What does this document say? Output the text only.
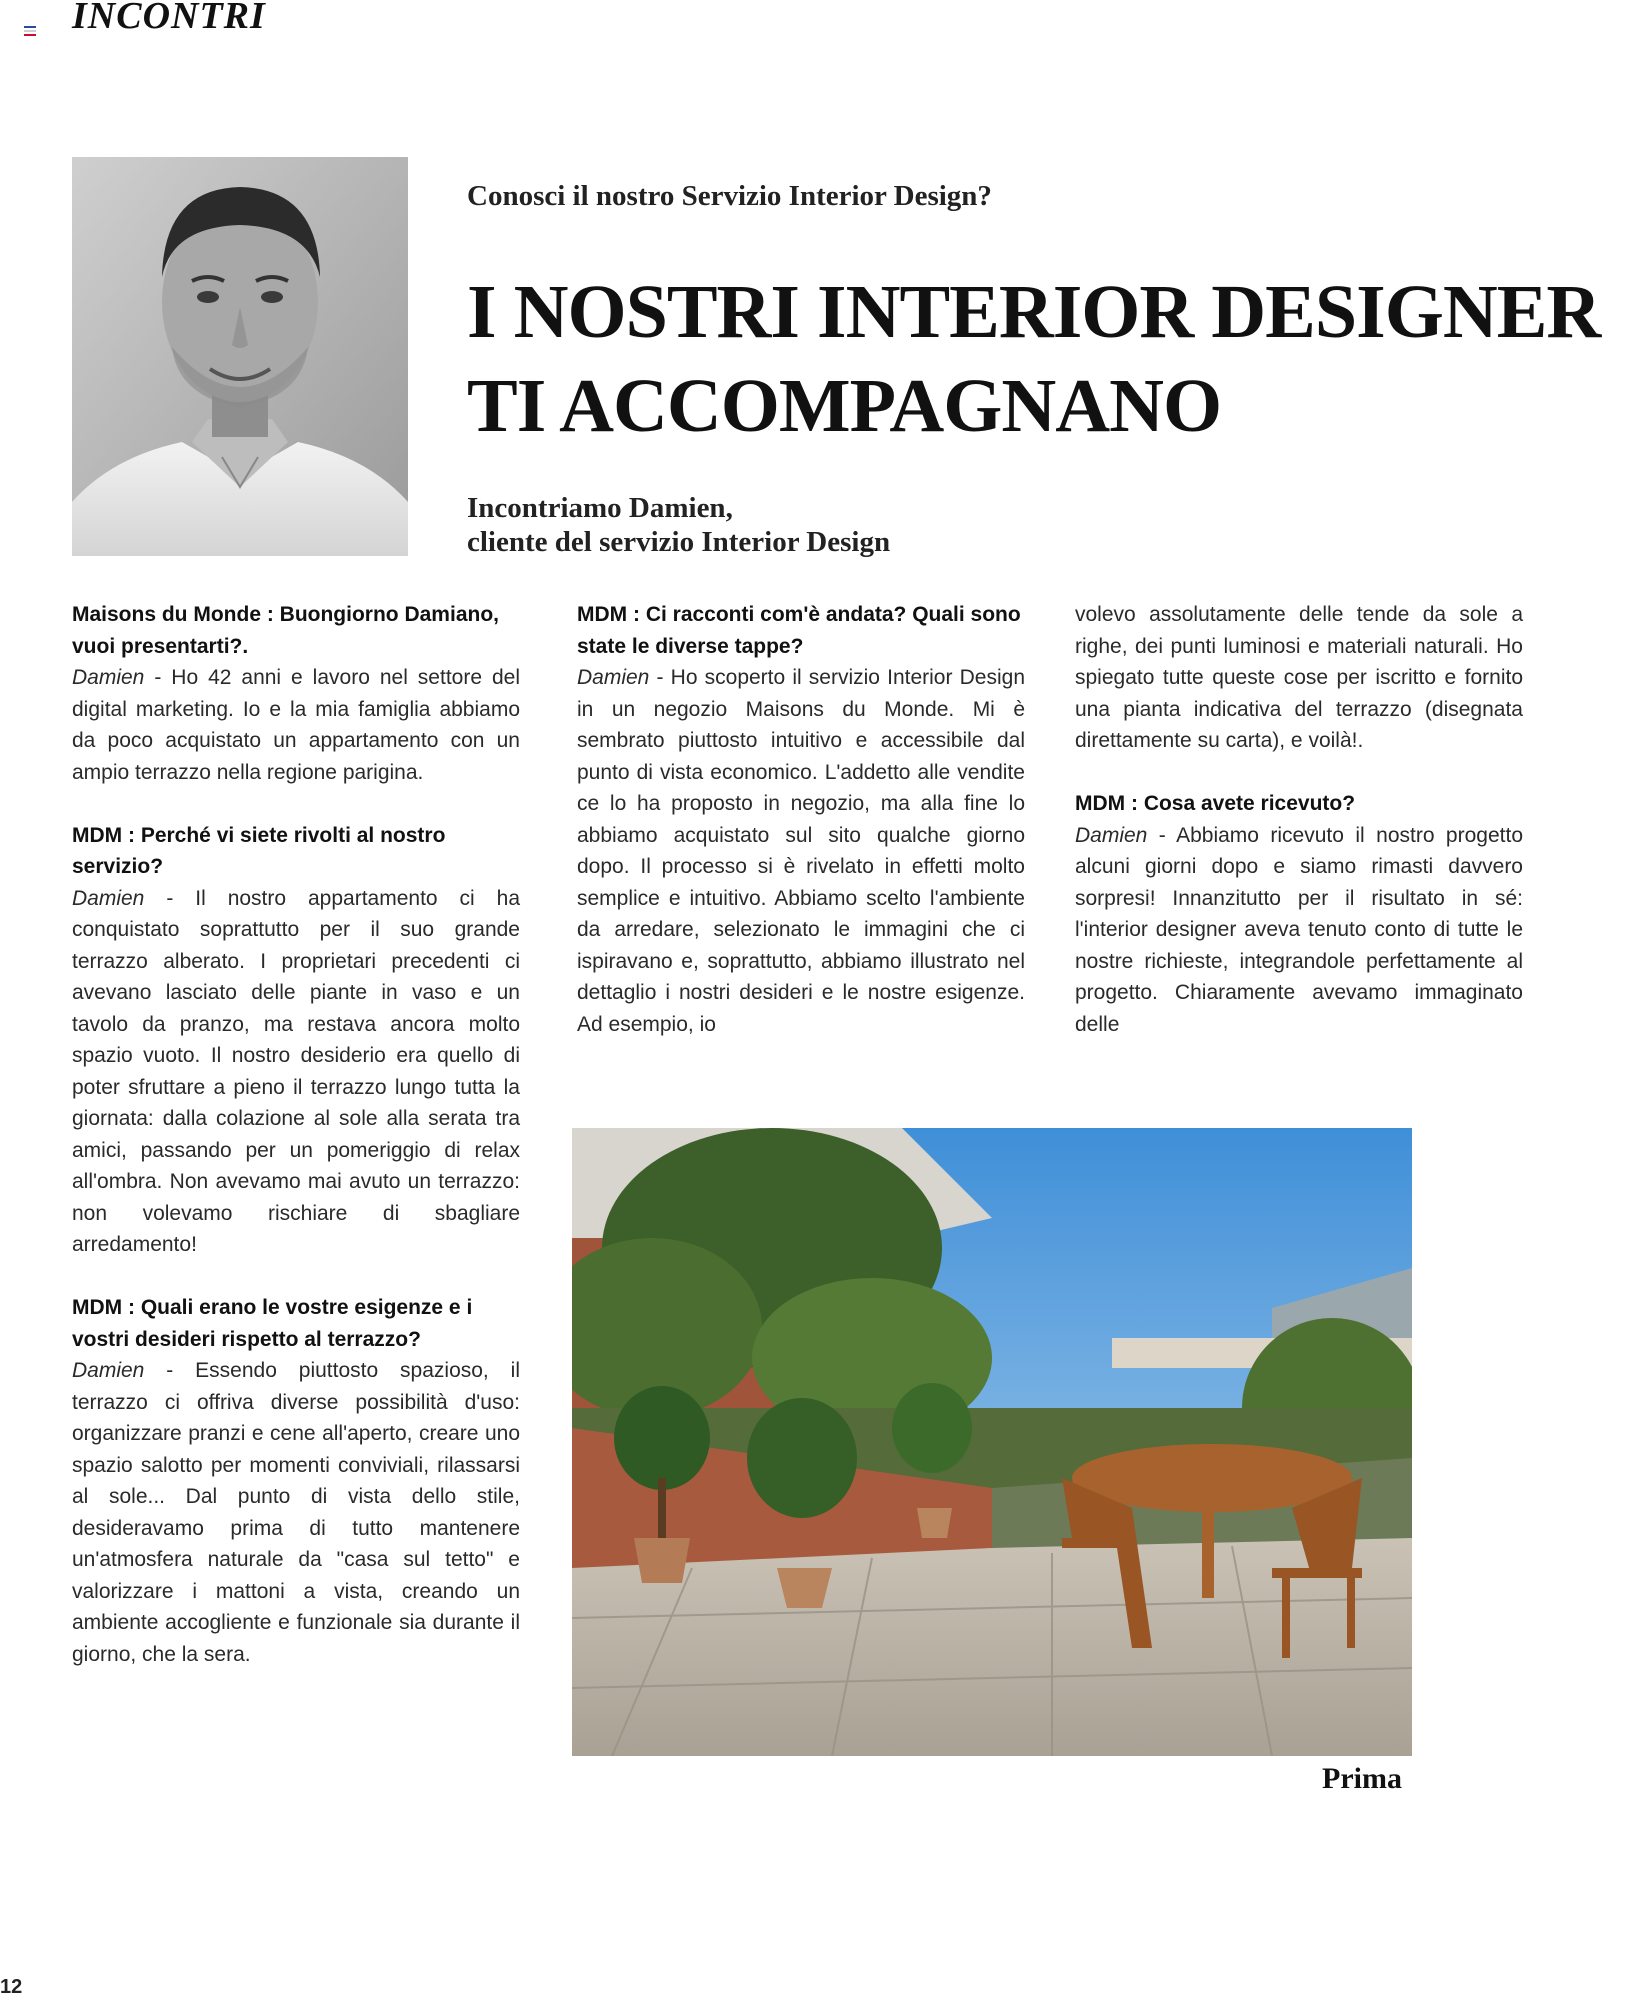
INCONTRI
Conosci il nostro Servizio Interior Design?
I NOSTRI INTERIOR DESIGNER
TI ACCOMPAGNANO
Incontriamo Damien,
cliente del servizio Interior Design

Maisons du Monde : Buongiorno Damiano, vuoi presentarti?.
Damien - Ho 42 anni e lavoro nel settore del digital marketing. Io e la mia famiglia abbiamo da poco acquistato un appartamento con un ampio terrazzo nella regione parigina.

MDM : Perché vi siete rivolti al nostro servizio?
Damien - Il nostro appartamento ci ha conquistato soprattutto per il suo grande terrazzo alberato. I proprietari precedenti ci avevano lasciato delle piante in vaso e un tavolo da pranzo, ma restava ancora molto spazio vuoto. Il nostro desiderio era quello di poter sfruttare a pieno il terrazzo lungo tutta la giornata: dalla colazione al sole alla serata tra amici, passando per un pomeriggio di relax all'ombra. Non avevamo mai avuto un terrazzo: non volevamo rischiare di sbagliare arredamento!

MDM : Quali erano le vostre esigenze e i vostri desideri rispetto al terrazzo?
Damien - Essendo piuttosto spazioso, il terrazzo ci offriva diverse possibilità d'uso: organizzare pranzi e cene all'aperto, creare uno spazio salotto per momenti conviviali, rilassarsi al sole... Dal punto di vista dello stile, desideravamo prima di tutto mantenere un'atmosfera naturale da "casa sul tetto" e valorizzare i mattoni a vista, creando un ambiente accogliente e funzionale sia durante il giorno, che la sera.

MDM : Ci racconti com'è andata? Quali sono state le diverse tappe?
Damien - Ho scoperto il servizio Interior Design in un negozio Maisons du Monde. Mi è sembrato piuttosto intuitivo e accessibile dal punto di vista economico. L'addetto alle vendite ce lo ha proposto in negozio, ma alla fine lo abbiamo acquistato sul sito qualche giorno dopo. Il processo si è rivelato in effetti molto semplice e intuitivo. Abbiamo scelto l'ambiente da arredare, selezionato le immagini che ci ispiravano e, soprattutto, abbiamo illustrato nel dettaglio i nostri desideri e le nostre esigenze. Ad esempio, io

volevo assolutamente delle tende da sole a righe, dei punti luminosi e materiali naturali. Ho spiegato tutte queste cose per iscritto e fornito una pianta indicativa del terrazzo (disegnata direttamente su carta), e voilà!.

MDM : Cosa avete ricevuto?
Damien - Abbiamo ricevuto il nostro progetto alcuni giorni dopo e siamo rimasti davvero sorpresi! Innanzitutto per il risultato in sé: l'interior designer aveva tenuto conto di tutte le nostre richieste, integrandole perfettamente al progetto. Chiaramente avevamo immaginato delle

Prima
12
